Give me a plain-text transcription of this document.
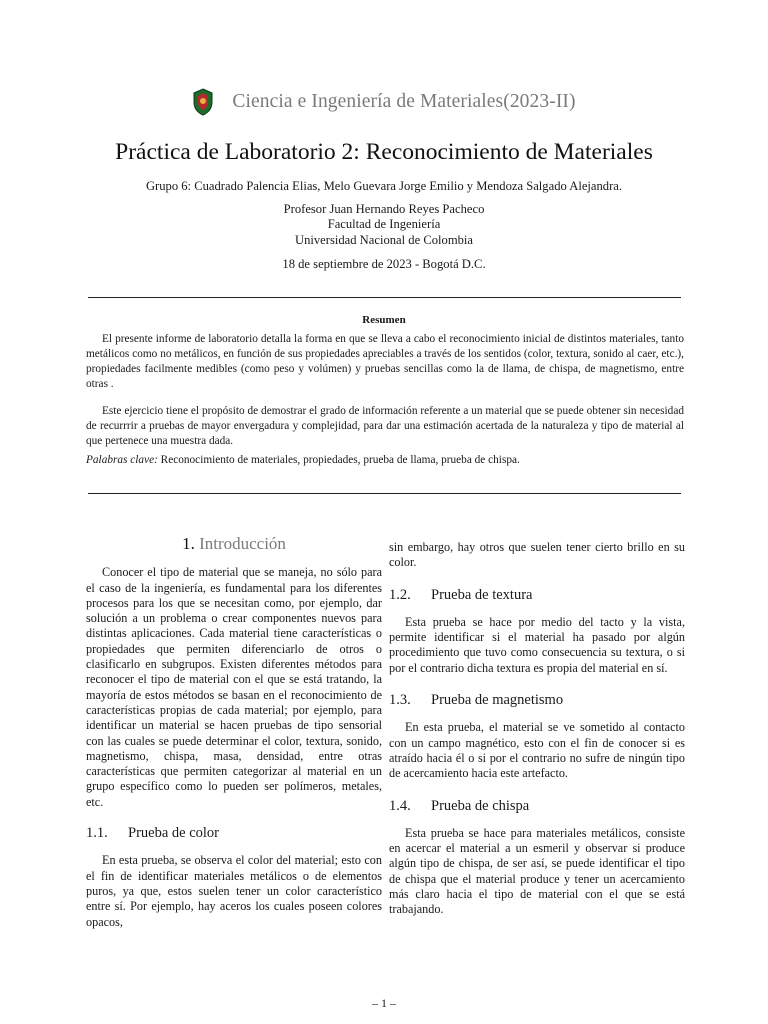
Ciencia e Ingeniería de Materiales(2023-II)
Práctica de Laboratorio 2: Reconocimiento de Materiales
Grupo 6: Cuadrado Palencia Elias, Melo Guevara Jorge Emilio y Mendoza Salgado Alejandra.
Profesor Juan Hernando Reyes Pacheco
Facultad de Ingeniería
Universidad Nacional de Colombia
18 de septiembre de 2023 - Bogotá D.C.
Resumen

El presente informe de laboratorio detalla la forma en que se lleva a cabo el reconocimiento inicial de distintos materiales, tanto metálicos como no metálicos, en función de sus propiedades apreciables a través de los sentidos (color, textura, sonido al caer, etc.), propiedades facilmente medibles (como peso y volúmen) y pruebas sencillas como la de llama, de chispa, de magnetismo, entre otras .

Este ejercicio tiene el propósito de demostrar el grado de información referente a un material que se puede obtener sin necesidad de recurrrir a pruebas de mayor envergadura y complejidad, para dar una estimación acertada de la naturaleza y tipo de material al que pertenece una muestra dada.

Palabras clave: Reconocimiento de materiales, propiedades, prueba de llama, prueba de chispa.
1. Introducción

Conocer el tipo de material que se maneja, no sólo para el caso de la ingeniería, es fundamental para los diferentes procesos para los que se necesitan como, por ejemplo, dar solución a un problema o crear componentes nuevos para distintas aplicaciones. Cada material tiene características o propiedades que permiten diferenciarlo de otros o clasificarlo en subgrupos. Existen diferentes métodos para reconocer el tipo de material con el que se está tratando, la mayoría de estos métodos se basan en el reconocimiento de características propias de cada material; por ejemplo, para identificar un material se hacen pruebas de tipo sensorial con las cuales se puede determinar el color, textura, sonido, magnetismo, chispa, masa, densidad, entre otras características que permiten categorizar al material en un grupo específico como lo pueden ser polímeros, metales, etc.

1.1. Prueba de color

En esta prueba, se observa el color del material; esto con el fin de identificar materiales metálicos o de elementos puros, ya que, estos suelen tener un color característico entre sí. Por ejemplo, hay aceros los cuales poseen colores opacos,

sin embargo, hay otros que suelen tener cierto brillo en su color.

1.2. Prueba de textura

Esta prueba se hace por medio del tacto y la vista, permite identificar si el material ha pasado por algún procedimiento que tuvo como consecuencia su textura, o si por el contrario dicha textura es propia del material en sí.

1.3. Prueba de magnetismo

En esta prueba, el material se ve sometido al contacto con un campo magnético, esto con el fin de conocer si es atraído hacia él o si por el contrario no sufre de ningún tipo de acercamiento hacia este artefacto.

1.4. Prueba de chispa

Esta prueba se hace para materiales metálicos, consiste en acercar el material a un esmeril y observar si produce algún tipo de chispa, de ser así, se puede identificar el tipo de chispa que el material produce y tener un acercamiento más claro hacia el tipo de material con el que se está trabajando.

– 1 –
